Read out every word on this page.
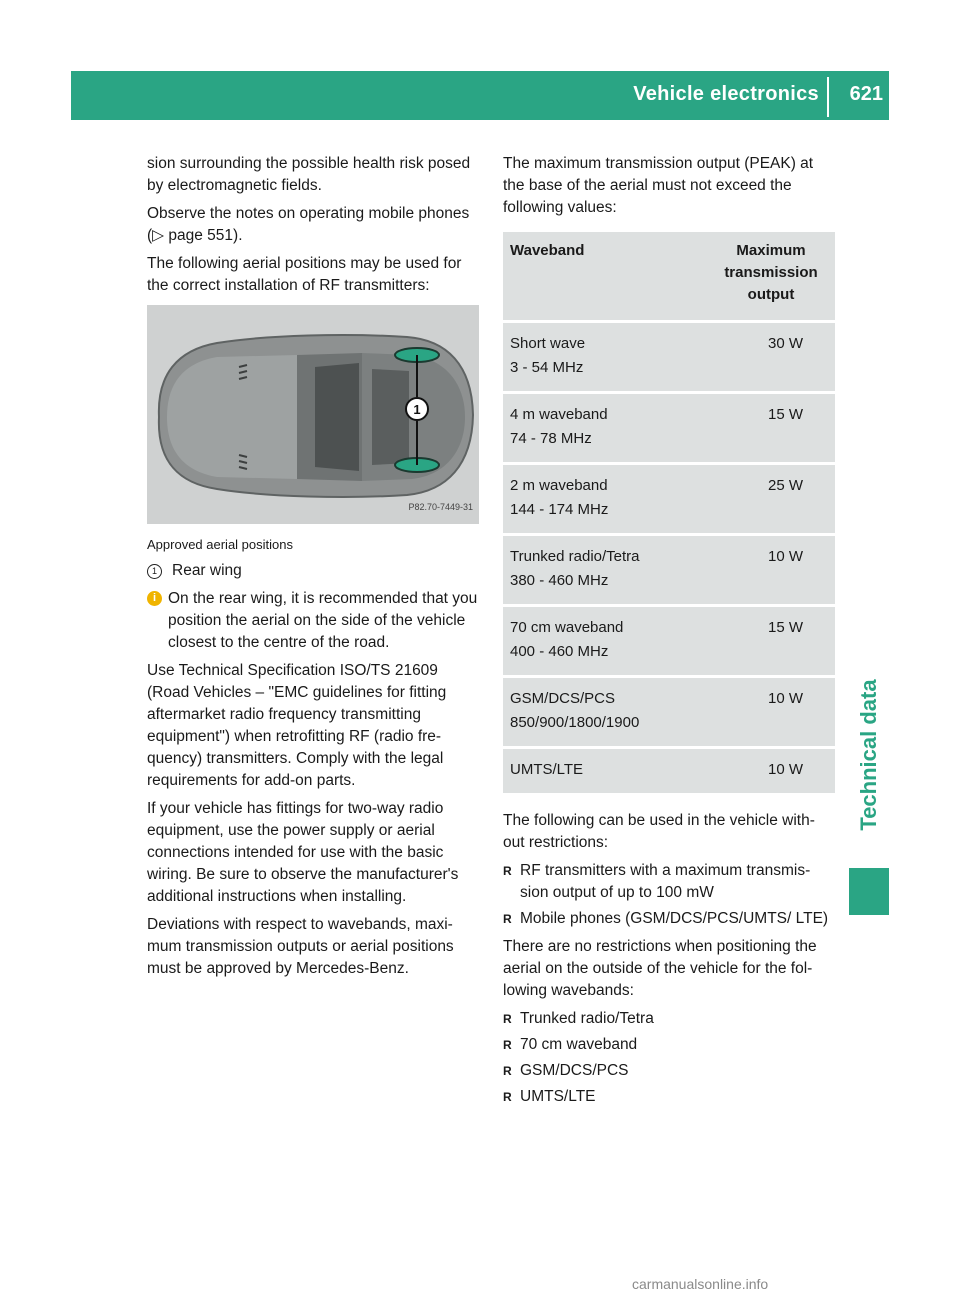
Vehicle electronics 621
Technical data

sion surrounding the possible health risk posed by electromagnetic fields.

Observe the notes on operating mobile phones (▷ page 551).

The following aerial positions may be used for the correct installation of RF transmitters:

1
P82.70-7449-31

Approved aerial positions

1 Rear wing
i On the rear wing, it is recommended that you position the aerial on the side of the vehicle closest to the centre of the road.

Use Technical Specification ISO/TS 21609 (Road Vehicles – "EMC guidelines for fitting aftermarket radio frequency transmitting equipment") when retrofitting RF (radio fre-quency) transmitters. Comply with the legal requirements for add-on parts.

If your vehicle has fittings for two-way radio equipment, use the power supply or aerial connections intended for use with the basic wiring. Be sure to observe the manufacturer's additional instructions when installing.

Deviations with respect to wavebands, maxi-mum transmission outputs or aerial positions must be approved by Mercedes-Benz.

The maximum transmission output (PEAK) at the base of the aerial must not exceed the following values:

Waveband	Maximum transmission output

Short wave
3 - 54 MHz	30 W

4 m waveband
74 - 78 MHz	15 W

2 m waveband
144 - 174 MHz	25 W

Trunked radio/Tetra
380 - 460 MHz	10 W

70 cm waveband
400 - 460 MHz	15 W

GSM/DCS/PCS
850/900/1800/1900	10 W

UMTS/LTE	10 W

The following can be used in the vehicle with-out restrictions:

R RF transmitters with a maximum transmis-sion output of up to 100 mW
R Mobile phones (GSM/DCS/PCS/UMTS/ LTE)

There are no restrictions when positioning the aerial on the outside of the vehicle for the fol-lowing wavebands:

R Trunked radio/Tetra
R 70 cm waveband
R GSM/DCS/PCS
R UMTS/LTE
carmanualsonline.info
